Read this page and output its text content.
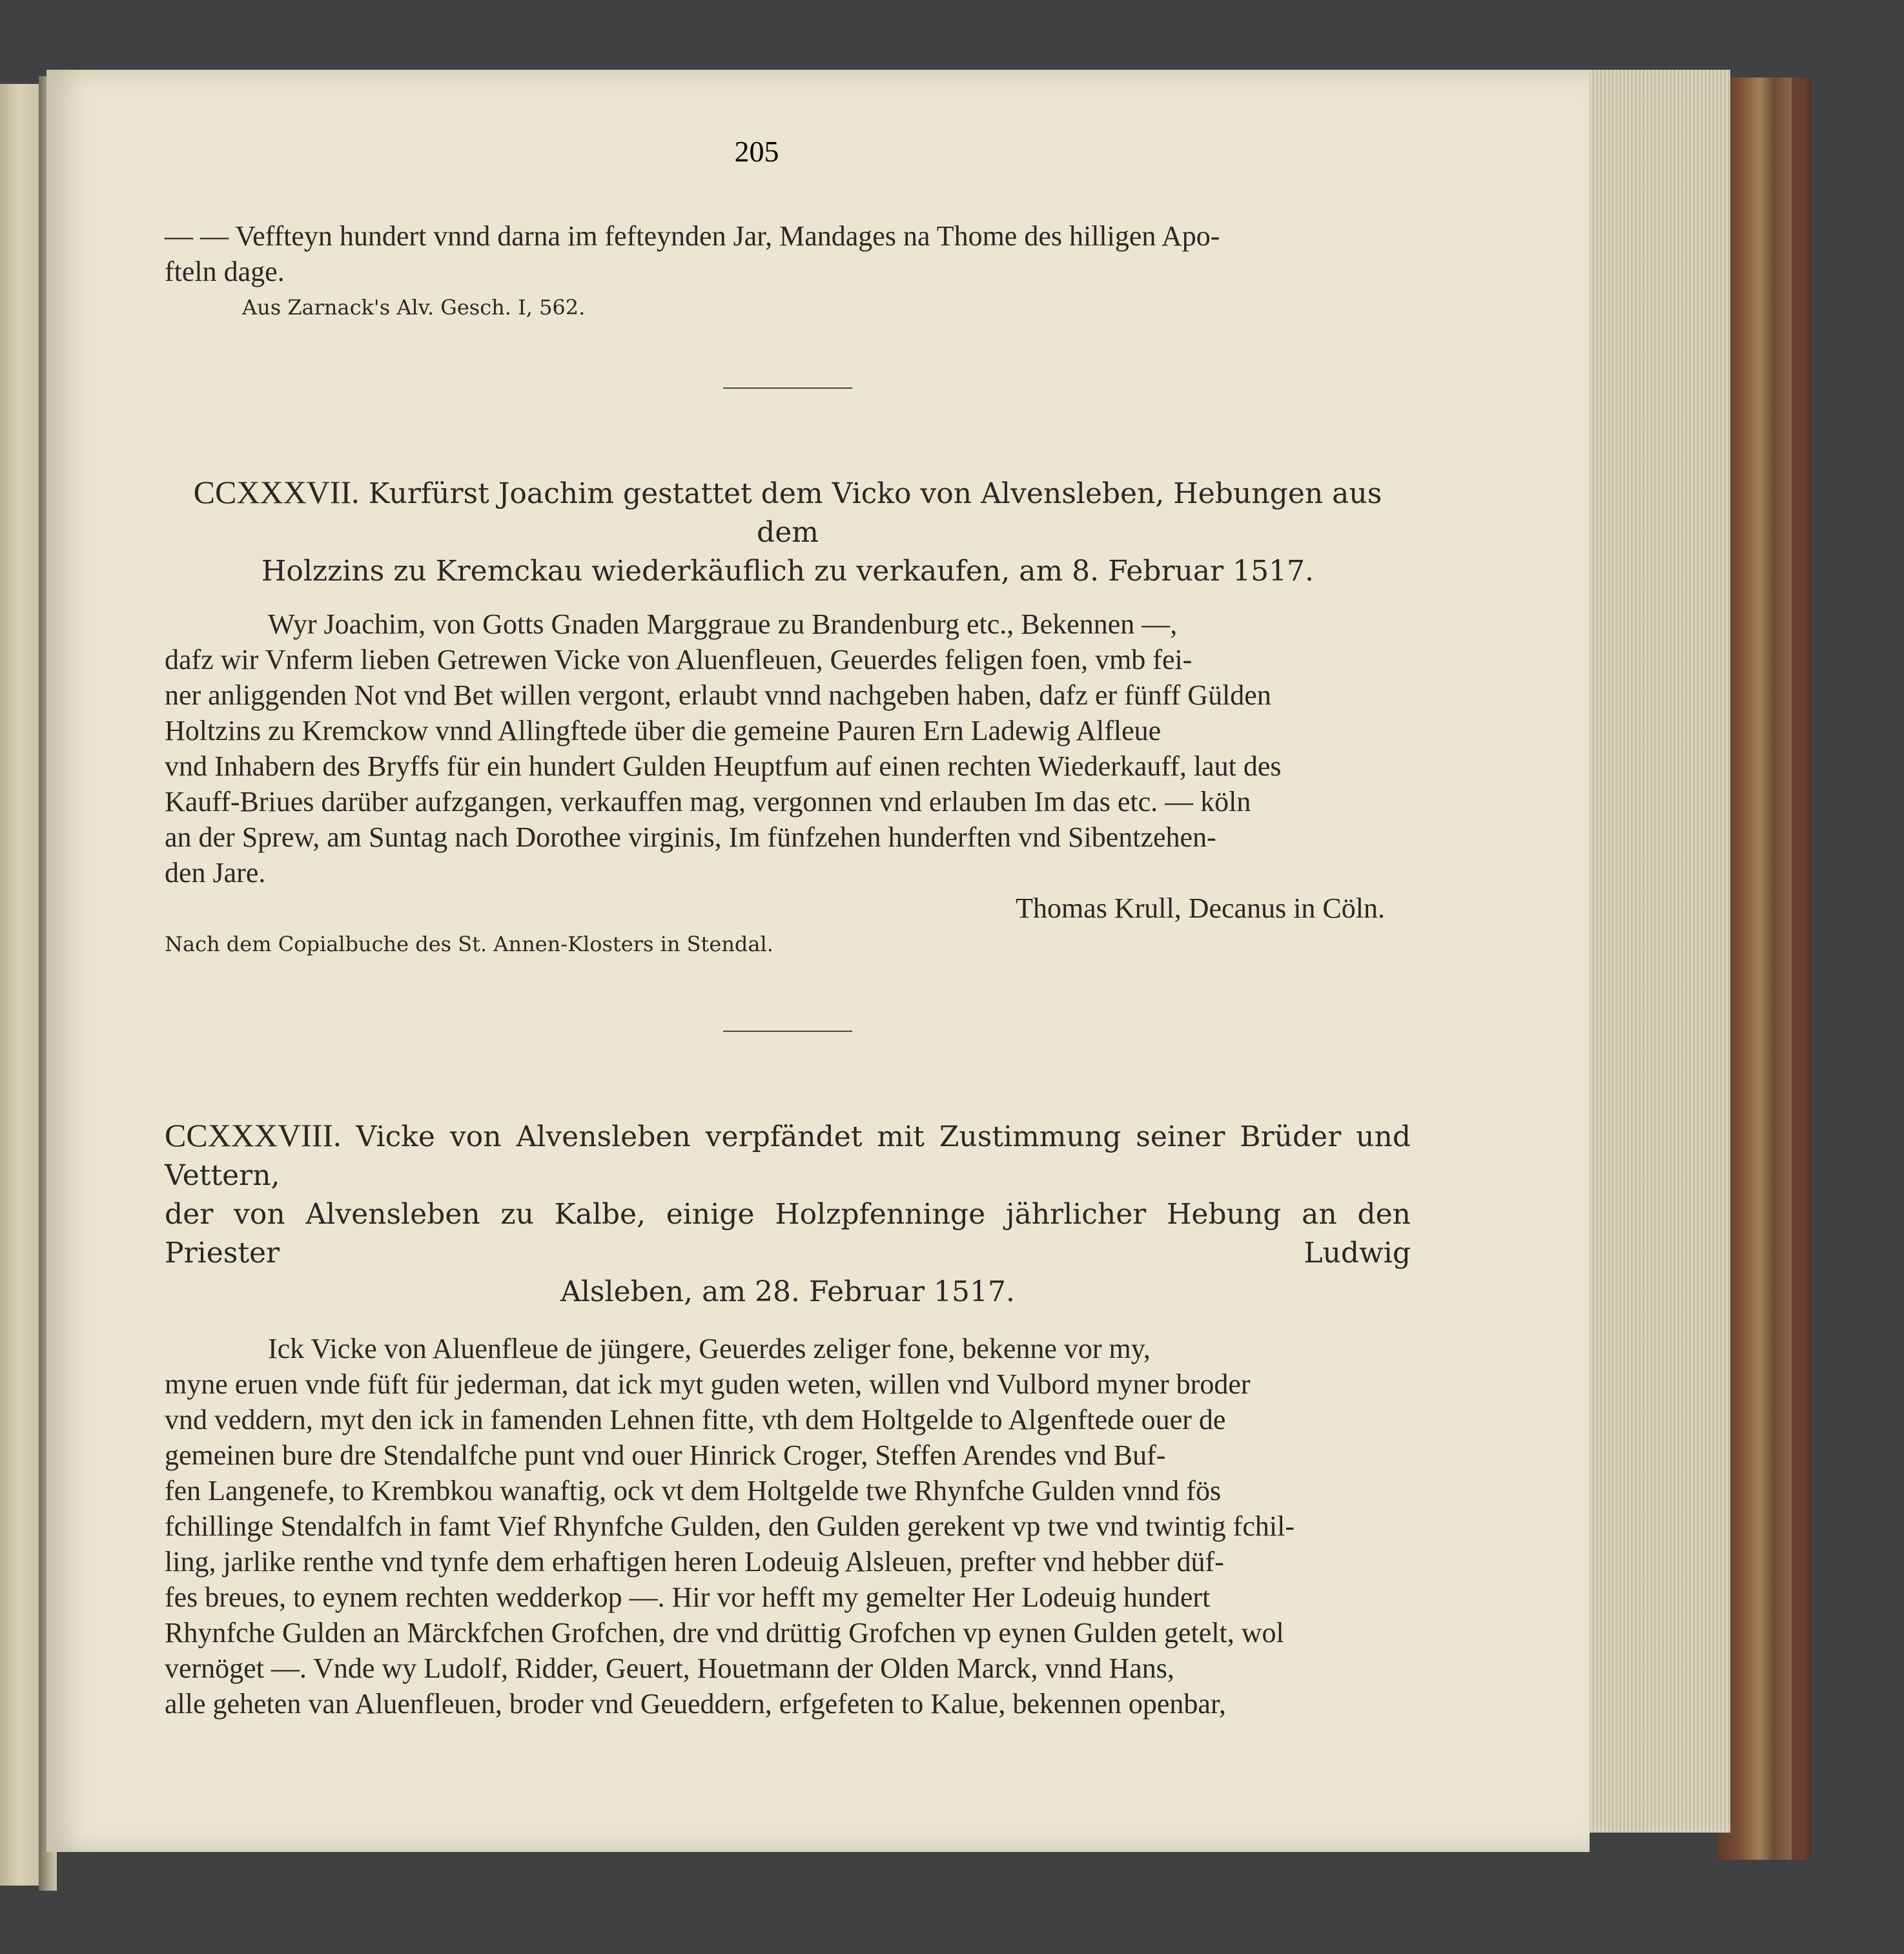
205
— — Veffteyn hundert vnnd darna im fefteynden Jar, Mandages na Thome des hilligen Apo-
fteln dage.
Aus Zarnack's Alv. Gesch. I, 562.
CCXXXVII. Kurfürst Joachim gestattet dem Vicko von Alvensleben, Hebungen aus dem
Holzzins zu Kremckau wiederkäuflich zu verkaufen, am 8. Februar 1517.
Wyr Joachim, von Gotts Gnaden Marggraue zu Brandenburg etc., Bekennen —,
dafz wir Vnferm lieben Getrewen Vicke von Aluenfleuen, Geuerdes feligen foen, vmb fei-
ner anliggenden Not vnd Bet willen vergont, erlaubt vnnd nachgeben haben, dafz er fünff Gülden
Holtzins zu Kremckow vnnd Allingftede über die gemeine Pauren Ern Ladewig Alfleue
vnd Inhabern des Bryffs für ein hundert Gulden Heuptfum auf einen rechten Wiederkauff, laut des
Kauff-Briues darüber aufzgangen, verkauffen mag, vergonnen vnd erlauben Im das etc. — köln
an der Sprew, am Suntag nach Dorothee virginis, Im fünfzehen hunderften vnd Sibentzehen-
den Jare.
Thomas Krull, Decanus in Cöln.
Nach dem Copialbuche des St. Annen-Klosters in Stendal.
CCXXXVIII. Vicke von Alvensleben verpfändet mit Zustimmung seiner Brüder und Vettern,
der von Alvensleben zu Kalbe, einige Holzpfenninge jährlicher Hebung an den Priester Ludwig
Alsleben, am 28. Februar 1517.
Ick Vicke von Aluenfleue de jüngere, Geuerdes zeliger fone, bekenne vor my,
myne eruen vnde füft für jederman, dat ick myt guden weten, willen vnd Vulbord myner broder
vnd veddern, myt den ick in famenden Lehnen fitte, vth dem Holtgelde to Algenftede ouer de
gemeinen bure dre Stendalfche punt vnd ouer Hinrick Croger, Steffen Arendes vnd Buf-
fen Langenefe, to Krembkou wanaftig, ock vt dem Holtgelde twe Rhynfche Gulden vnnd fös
fchillinge Stendalfch in famt Vief Rhynfche Gulden, den Gulden gerekent vp twe vnd twintig fchil-
ling, jarlike renthe vnd tynfe dem erhaftigen heren Lodeuig Alsleuen, prefter vnd hebber düf-
fes breues, to eynem rechten wedderkop —. Hir vor hefft my gemelter Her Lodeuig hundert
Rhynfche Gulden an Märckfchen Grofchen, dre vnd drüttig Grofchen vp eynen Gulden getelt, wol
vernöget —. Vnde wy Ludolf, Ridder, Geuert, Houetmann der Olden Marck, vnnd Hans,
alle geheten van Aluenfleuen, broder vnd Geueddern, erfgefeten to Kalue, bekennen openbar,
